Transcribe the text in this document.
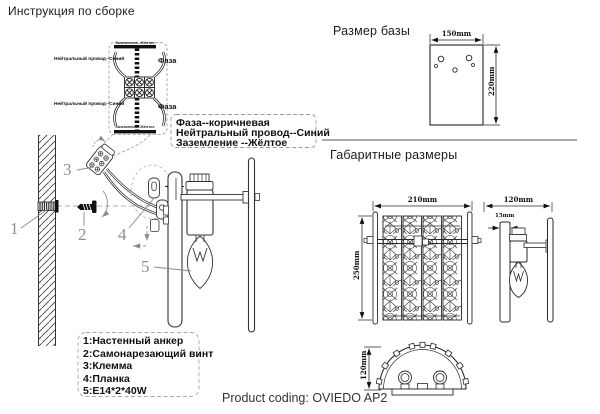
Инструкция по сборке
Заземление--Жёлтое
Заземление--Жёлтое
Нейтральный провод--Синий
Нейтральный провод--Синий
Фаза
Фаза
Фаза--коричневая
Нейтральный провод--Синий
Заземление --Жёлтое
1	2
3
4
5
1:Настенный анкер
2:Самонарезающий винт
3:Клемма
4:Планка
5:E14*2*40W
Размер базы	150mm
220mm
Габаритные размеры
210mm
250mm
120mm
15mm
120mm
Product coding: OVIEDO AP2
